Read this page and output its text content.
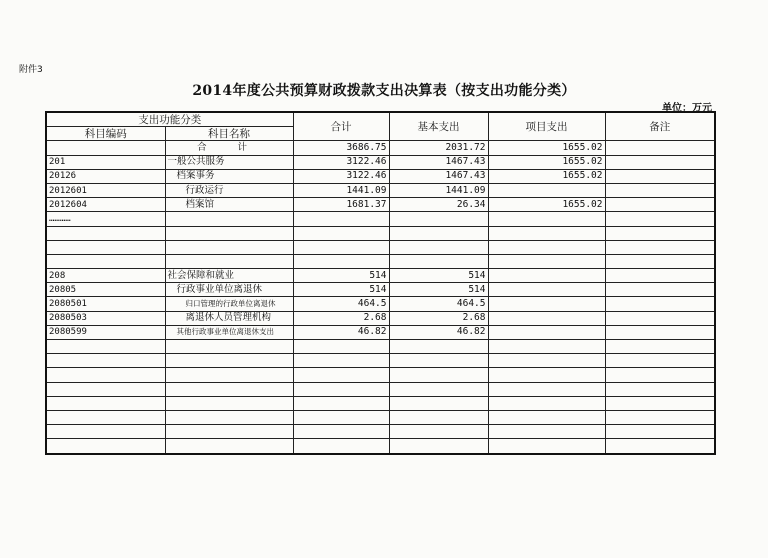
附件3
2014年度公共预算财政拨款支出决算表（按支出功能分类）
单位：万元
支出功能分类		合计	基本支出	项目支出	备注
科目编码	科目名称				
	合 计	3686.75	2031.72	1655.02	
201	一般公共服务	3122.46	1467.43	1655.02	
20126	档案事务	3122.46	1467.43	1655.02	
2012601	行政运行	1441.09	1441.09		
2012604	档案馆	1681.37	26.34	1655.02	
…………					

208	社会保障和就业	514	514		
20805	行政事业单位离退休	514	514		
2080501	归口管理的行政单位离退休	464.5	464.5		
2080503	离退休人员管理机构	2.68	2.68		
2080599	其他行政事业单位离退休支出	46.82	46.82		
